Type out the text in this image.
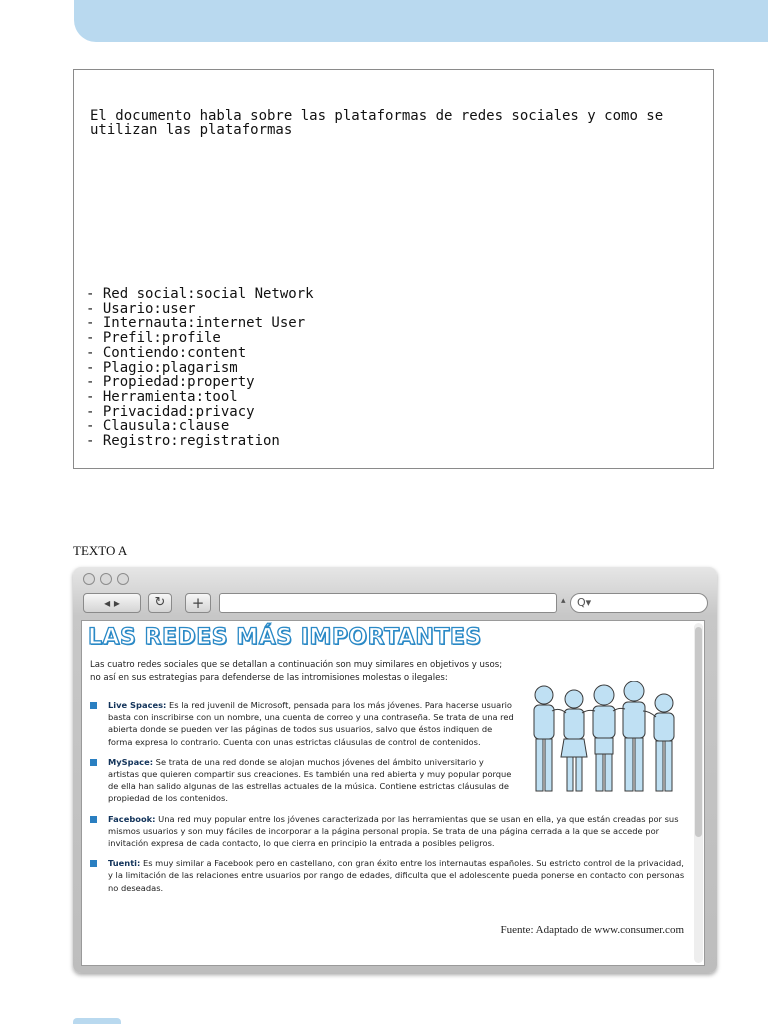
El documento habla sobre las plataformas de redes sociales y como se utilizan las plataformas

- Red social:social Network
- Usario:user
- Internauta:internet User
- Prefil:profile
- Contiendo:content
- Plagio:plagarism
- Propiedad:property
- Herramienta:tool
- Privacidad:privacy
- Clausula:clause
- Registro:registration
TEXTO A
◂ ▸	↻	+	▴	Q▾
LAS REDES MÁS IMPORTANTES

Las cuatro redes sociales que se detallan a continuación son muy similares en objetivos y usos; no así en sus estrategias para defenderse de las intromisiones molestas o ilegales:

Live Spaces: Es la red juvenil de Microsoft, pensada para los más jóvenes. Para hacerse usuario basta con inscribirse con un nombre, una cuenta de correo y una contraseña. Se trata de una red abierta donde se pueden ver las páginas de todos sus usuarios, salvo que éstos indiquen de forma expresa lo contrario. Cuenta con unas estrictas cláusulas de control de contenidos.
MySpace: Se trata de una red donde se alojan muchos jóvenes del ámbito universitario y artistas que quieren compartir sus creaciones. Es también una red abierta y muy popular porque de ella han salido algunas de las estrellas actuales de la música. Contiene estrictas cláusulas de propiedad de los contenidos.
Facebook: Una red muy popular entre los jóvenes caracterizada por las herramientas que se usan en ella, ya que están creadas por sus mismos usuarios y son muy fáciles de incorporar a la página personal propia. Se trata de una página cerrada a la que se accede por invitación expresa de cada contacto, lo que cierra en principio la entrada a posibles peligros.
Tuenti: Es muy similar a Facebook pero en castellano, con gran éxito entre los internautas españoles. Su estricto control de la privacidad, y la limitación de las relaciones entre usuarios por rango de edades, dificulta que el adolescente pueda ponerse en contacto con personas no deseadas.
Fuente: Adaptado de www.consumer.com
